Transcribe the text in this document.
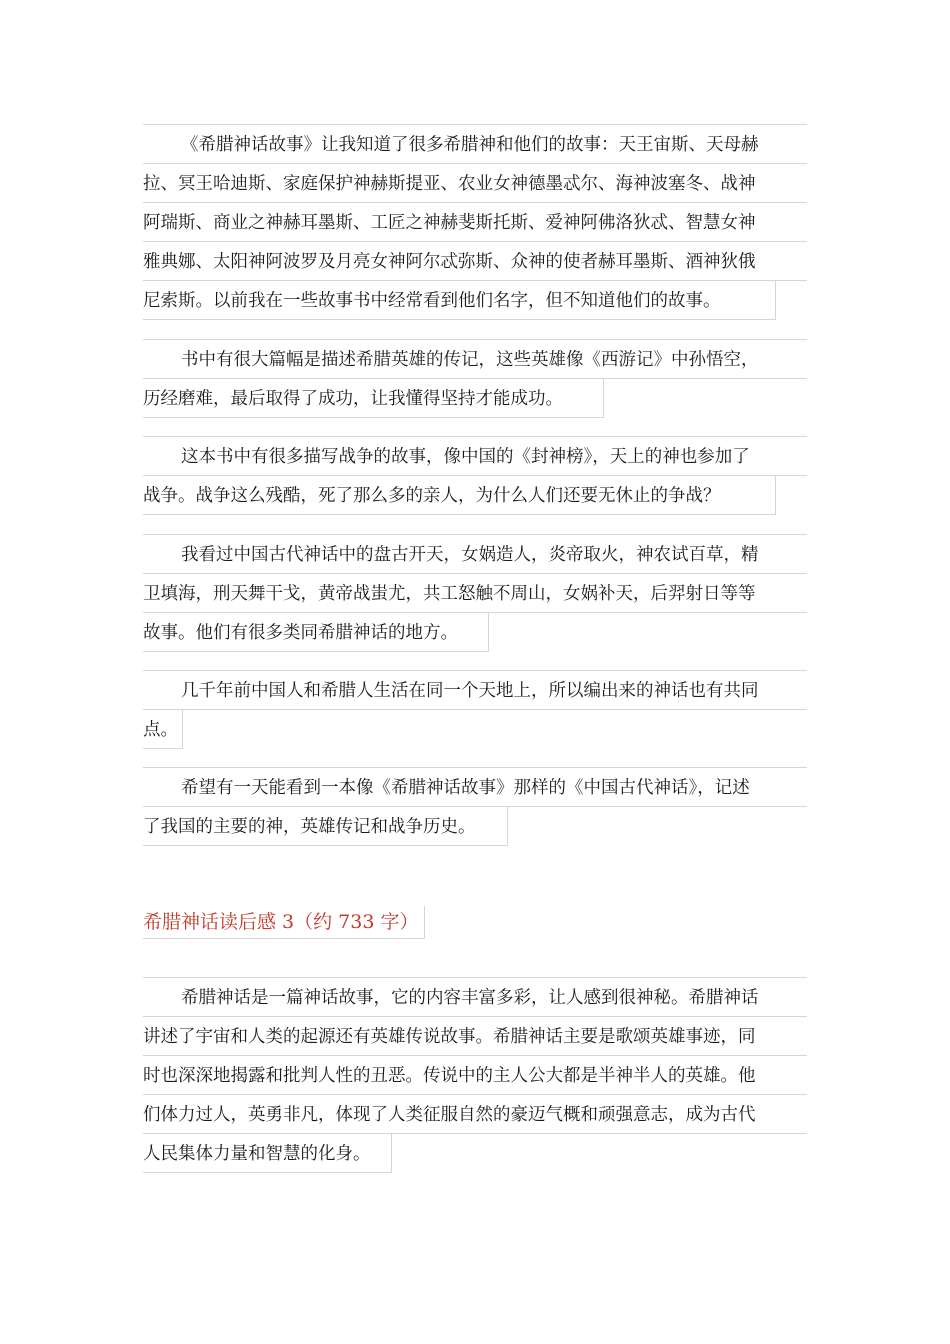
《希腊神话故事》让我知道了很多希腊神和他们的故事：天王宙斯、天母赫
拉、冥王哈迪斯、家庭保护神赫斯提亚、农业女神德墨忒尔、海神波塞冬、战神
阿瑞斯、商业之神赫耳墨斯、工匠之神赫斐斯托斯、爱神阿佛洛狄忒、智慧女神
雅典娜、太阳神阿波罗及月亮女神阿尔忒弥斯、众神的使者赫耳墨斯、酒神狄俄
尼索斯。以前我在一些故事书中经常看到他们名字，但不知道他们的故事。
书中有很大篇幅是描述希腊英雄的传记，这些英雄像《西游记》中孙悟空，
历经磨难，最后取得了成功，让我懂得坚持才能成功。
这本书中有很多描写战争的故事，像中国的《封神榜》，天上的神也参加了
战争。战争这么残酷，死了那么多的亲人，为什么人们还要无休止的争战？
我看过中国古代神话中的盘古开天，女娲造人，炎帝取火，神农试百草，精
卫填海，刑天舞干戈，黄帝战蚩尤，共工怒触不周山，女娲补天，后羿射日等等
故事。他们有很多类同希腊神话的地方。
几千年前中国人和希腊人生活在同一个天地上，所以编出来的神话也有共同
点。
希望有一天能看到一本像《希腊神话故事》那样的《中国古代神话》，记述
了我国的主要的神，英雄传记和战争历史。
希腊神话读后感 3（约 733 字）
希腊神话是一篇神话故事，它的内容丰富多彩，让人感到很神秘。希腊神话
讲述了宇宙和人类的起源还有英雄传说故事。希腊神话主要是歌颂英雄事迹，同
时也深深地揭露和批判人性的丑恶。传说中的主人公大都是半神半人的英雄。他
们体力过人，英勇非凡，体现了人类征服自然的豪迈气概和顽强意志，成为古代
人民集体力量和智慧的化身。
